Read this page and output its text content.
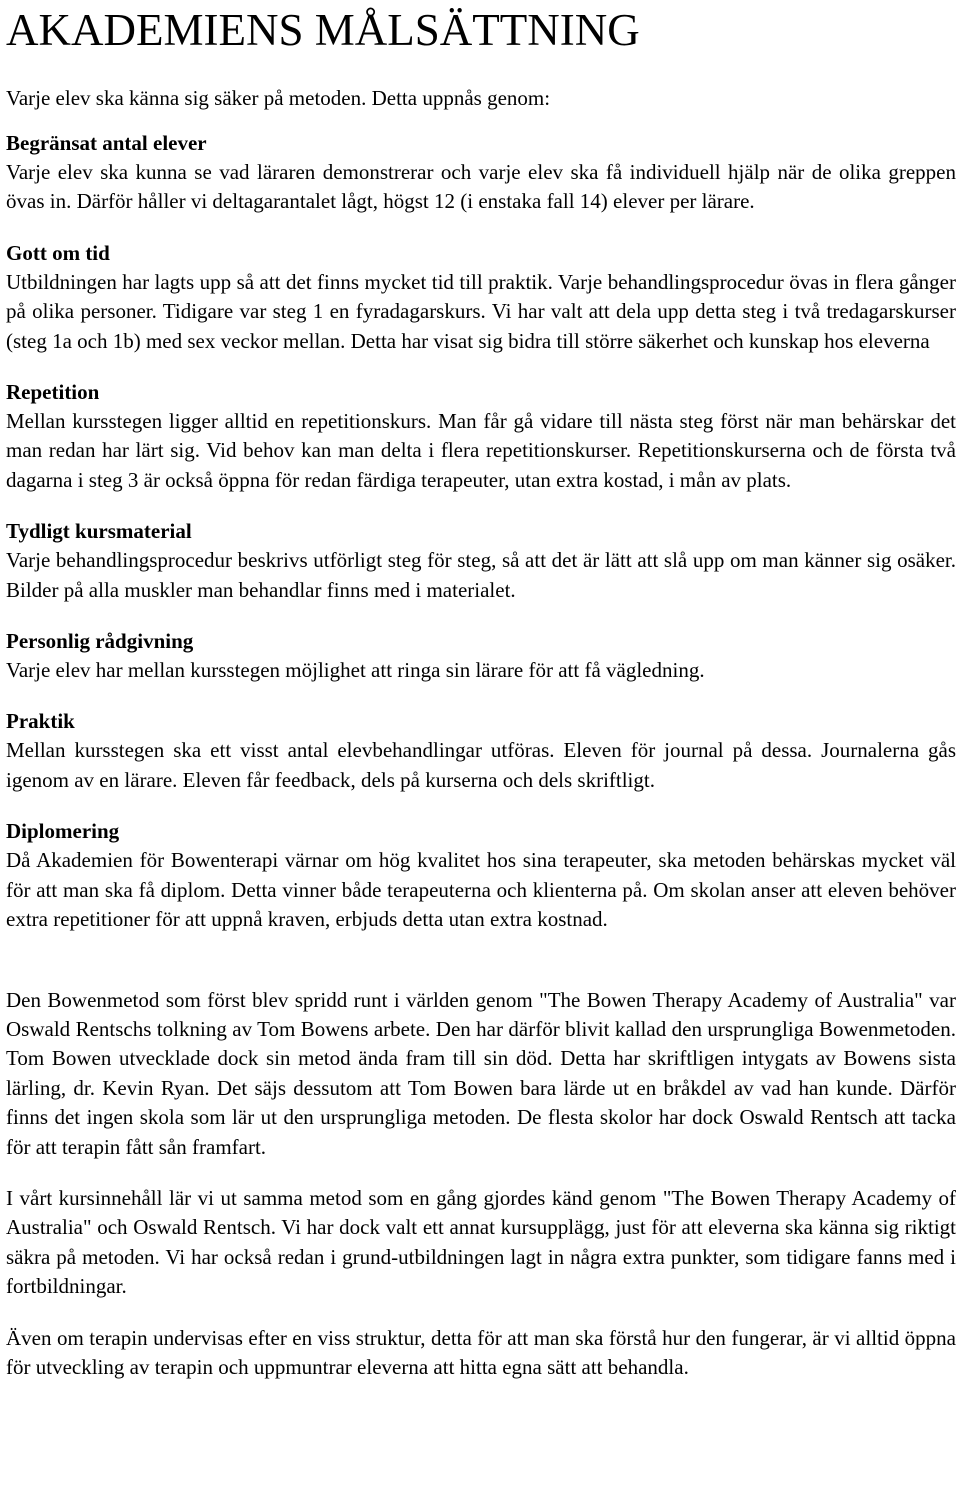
AKADEMIENS MÅLSÄTTNING

Varje elev ska känna sig säker på metoden. Detta uppnås genom:

Begränsat antal elever

Varje elev ska kunna se vad läraren demonstrerar och varje elev ska få individuell hjälp när de olika greppen övas in. Därför håller vi deltagarantalet lågt, högst 12 (i enstaka fall 14) elever per lärare.

Gott om tid

Utbildningen har lagts upp så att det finns mycket tid till praktik. Varje behandlingsprocedur övas in flera gånger på olika personer. Tidigare var steg 1 en fyradagarskurs. Vi har valt att dela upp detta steg i två tredagarskurser (steg 1a och 1b) med sex veckor mellan. Detta har visat sig bidra till större säkerhet och kunskap hos eleverna

Repetition

Mellan kursstegen ligger alltid en repetitionskurs. Man får gå vidare till nästa steg först när man behärskar det man redan har lärt sig. Vid behov kan man delta i flera repetitionskurser. Repetitionskurserna och de första två dagarna i steg 3 är också öppna för redan färdiga terapeuter, utan extra kostad, i mån av plats.

Tydligt kursmaterial

Varje behandlingsprocedur beskrivs utförligt steg för steg, så att det är lätt att slå upp om man känner sig osäker. Bilder på alla muskler man behandlar finns med i materialet.

Personlig rådgivning

Varje elev har mellan kursstegen möjlighet att ringa sin lärare för att få vägledning.

Praktik

Mellan kursstegen ska ett visst antal elevbehandlingar utföras. Eleven för journal på dessa. Journalerna gås igenom av en lärare. Eleven får feedback, dels på kurserna och dels skriftligt.

Diplomering

Då Akademien för Bowenterapi värnar om hög kvalitet hos sina terapeuter, ska metoden behärskas mycket väl för att man ska få diplom. Detta vinner både terapeuterna och klienterna på. Om skolan anser att eleven behöver extra repetitioner för att uppnå kraven, erbjuds detta utan extra kostnad.

Den Bowenmetod som först blev spridd runt i världen genom "The Bowen Therapy Academy of Australia" var Oswald Rentschs tolkning av Tom Bowens arbete. Den har därför blivit kallad den ursprungliga Bowenmetoden. Tom Bowen utvecklade dock sin metod ända fram till sin död. Detta har skriftligen intygats av Bowens sista lärling, dr. Kevin Ryan. Det säjs dessutom att Tom Bowen bara lärde ut en bråkdel av vad han kunde. Därför finns det ingen skola som lär ut den ursprungliga metoden. De flesta skolor har dock Oswald Rentsch att tacka för att terapin fått sån framfart.

I vårt kursinnehåll lär vi ut samma metod som en gång gjordes känd genom "The Bowen Therapy Academy of Australia" och Oswald Rentsch. Vi har dock valt ett annat kursupplägg, just för att eleverna ska känna sig riktigt säkra på metoden. Vi har också redan i grund-utbildningen lagt in några extra punkter, som tidigare fanns med i fortbildningar.

Även om terapin undervisas efter en viss struktur, detta för att man ska förstå hur den fungerar, är vi alltid öppna för utveckling av terapin och uppmuntrar eleverna att hitta egna sätt att behandla.
